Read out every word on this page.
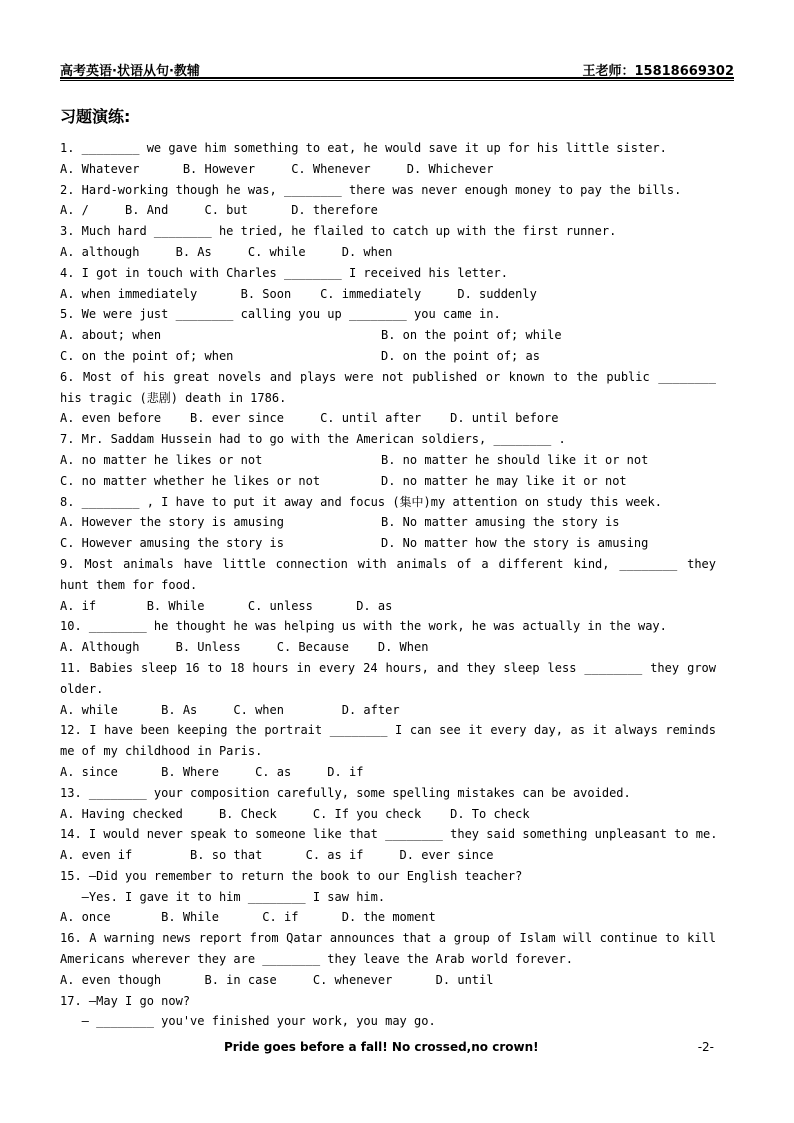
高考英语·状语从句·教辅	王老师：15818669302
习题演练:
1. ________ we gave him something to eat, he would save it up for his little sister.
A. Whatever      B. However     C. Whenever     D. Whichever
2. Hard-working though he was, ________ there was never enough money to pay the bills.
A. /     B. And     C. but      D. therefore
3. Much hard ________ he tried, he flailed to catch up with the first runner.
A. although     B. As     C. while     D. when
4. I got in touch with Charles ________ I received his letter.
A. when immediately      B. Soon    C. immediately     D. suddenly
5. We were just ________ calling you up ________ you came in.
A. about; when	B. on the point of; while
C. on the point of; when	D. on the point of; as
6. Most of his great novels and plays were not published or known to the public ________ his tragic (悲剧) death in 1786.
A. even before    B. ever since     C. until after    D. until before
7. Mr. Saddam Hussein had to go with the American soldiers, ________ .
A. no matter he likes or not	B. no matter he should like it or not
C. no matter whether he likes or not	D. no matter he may like it or not
8. ________ , I have to put it away and focus (集中)my attention on study this week.
A. However the story is amusing	B. No matter amusing the story is
C. However amusing the story is	D. No matter how the story is amusing
9. Most animals have little connection with animals of a different kind, ________ they hunt them for food.
A. if       B. While      C. unless      D. as
10. ________ he thought he was helping us with the work, he was actually in the way.
A. Although     B. Unless     C. Because    D. When
11. Babies sleep 16 to 18 hours in every 24 hours, and they sleep less ________ they grow older.
A. while      B. As     C. when        D. after
12. I have been keeping the portrait ________ I can see it every day, as it always reminds me of my childhood in Paris.
A. since      B. Where     C. as     D. if
13. ________ your composition carefully, some spelling mistakes can be avoided.
A. Having checked     B. Check     C. If you check    D. To check
14. I would never speak to someone like that ________ they said something unpleasant to me.
A. even if        B. so that      C. as if     D. ever since
15. —Did you remember to return the book to our English teacher?
—Yes. I gave it to him ________ I saw him.
A. once       B. While      C. if      D. the moment
16. A warning news report from Qatar announces that a group of Islam will continue to kill Americans wherever they are ________ they leave the Arab world forever.
A. even though      B. in case     C. whenever      D. until
17. —May I go now?
— ________ you've finished your work, you may go.
Pride goes before a fall! No crossed,no crown!	-2-
